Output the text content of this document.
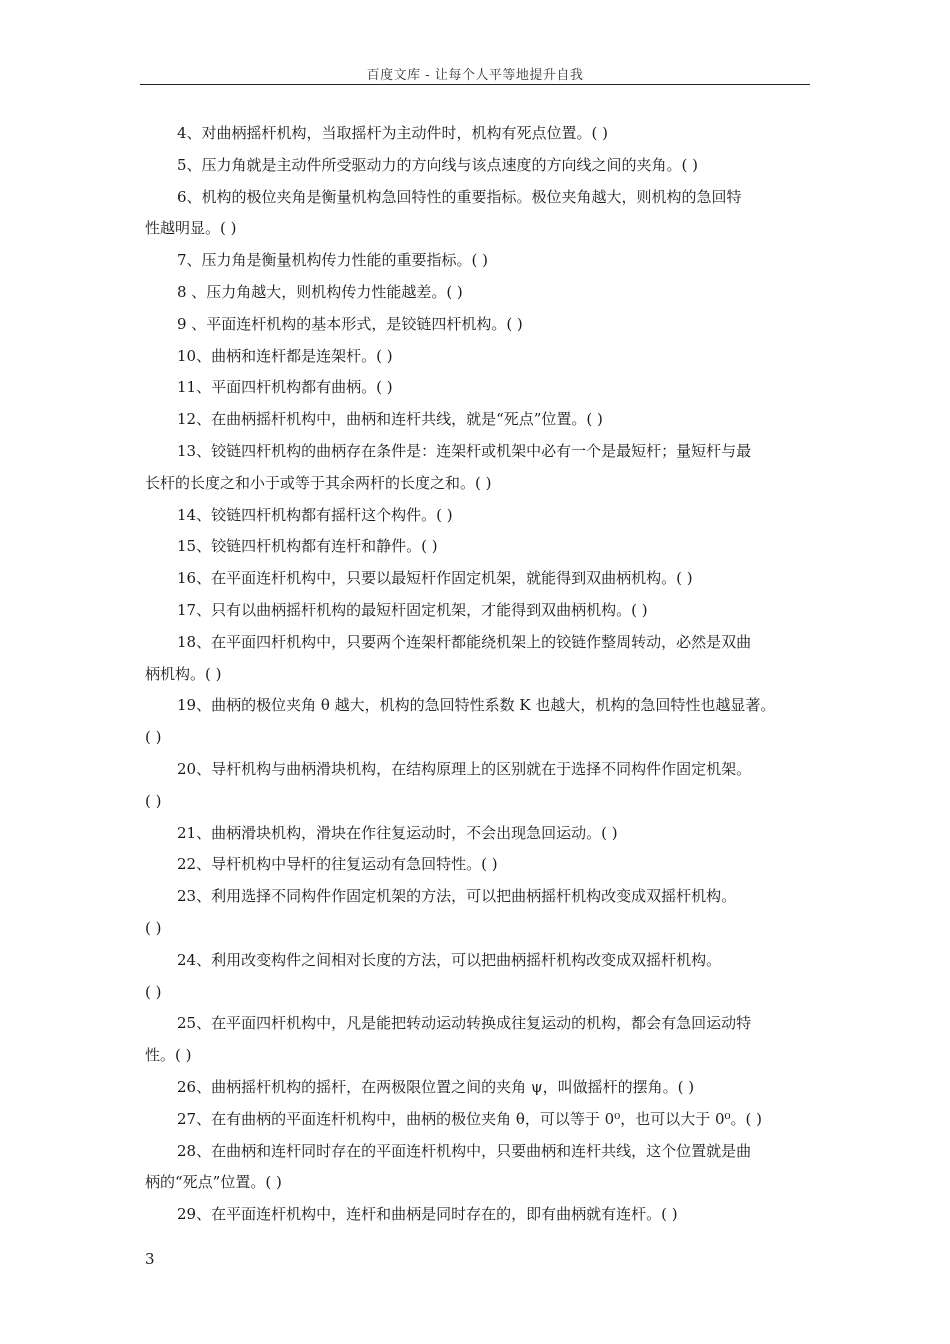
百度文库 - 让每个人平等地提升自我

4、对曲柄摇杆机构，当取摇杆为主动件时，机构有死点位置。( )

5、压力角就是主动件所受驱动力的方向线与该点速度的方向线之间的夹角。( )

6、机构的极位夹角是衡量机构急回特性的重要指标。极位夹角越大，则机构的急回特
性越明显。( )

7、压力角是衡量机构传力性能的重要指标。( )

8 、压力角越大，则机构传力性能越差。( )

9 、平面连杆机构的基本形式，是铰链四杆机构。( )

10、曲柄和连杆都是连架杆。( )

11、平面四杆机构都有曲柄。( )

12、在曲柄摇杆机构中，曲柄和连杆共线，就是“死点”位置。( )

13、铰链四杆机构的曲柄存在条件是：连架杆或机架中必有一个是最短杆；量短杆与最
长杆的长度之和小于或等于其余两杆的长度之和。( )

14、铰链四杆机构都有摇杆这个构件。( )

15、铰链四杆机构都有连杆和静件。( )

16、在平面连杆机构中，只要以最短杆作固定机架，就能得到双曲柄机构。( )

17、只有以曲柄摇杆机构的最短杆固定机架，才能得到双曲柄机构。( )

18、在平面四杆机构中，只要两个连架杆都能绕机架上的铰链作整周转动，必然是双曲
柄机构。( )

19、曲柄的极位夹角 θ 越大，机构的急回特性系数 K 也越大，机构的急回特性也越显著。
( )

20、导杆机构与曲柄滑块机构，在结构原理上的区别就在于选择不同构件作固定机架。
( )

21、曲柄滑块机构，滑块在作往复运动时，不会出现急回运动。( )

22、导杆机构中导杆的往复运动有急回特性。( )

23、利用选择不同构件作固定机架的方法，可以把曲柄摇杆机构改变成双摇杆机构。
( )

24、利用改变构件之间相对长度的方法，可以把曲柄摇杆机构改变成双摇杆机构。
( )

25、在平面四杆机构中，凡是能把转动运动转换成往复运动的机构，都会有急回运动特
性。( )

26、曲柄摇杆机构的摇杆，在两极限位置之间的夹角 ψ，叫做摇杆的摆角。( )

27、在有曲柄的平面连杆机构中，曲柄的极位夹角 θ，可以等于 0⁰，也可以大于 0⁰。( )

28、在曲柄和连杆同时存在的平面连杆机构中，只要曲柄和连杆共线，这个位置就是曲
柄的“死点”位置。( )

29、在平面连杆机构中，连杆和曲柄是同时存在的，即有曲柄就有连杆。( )

3
